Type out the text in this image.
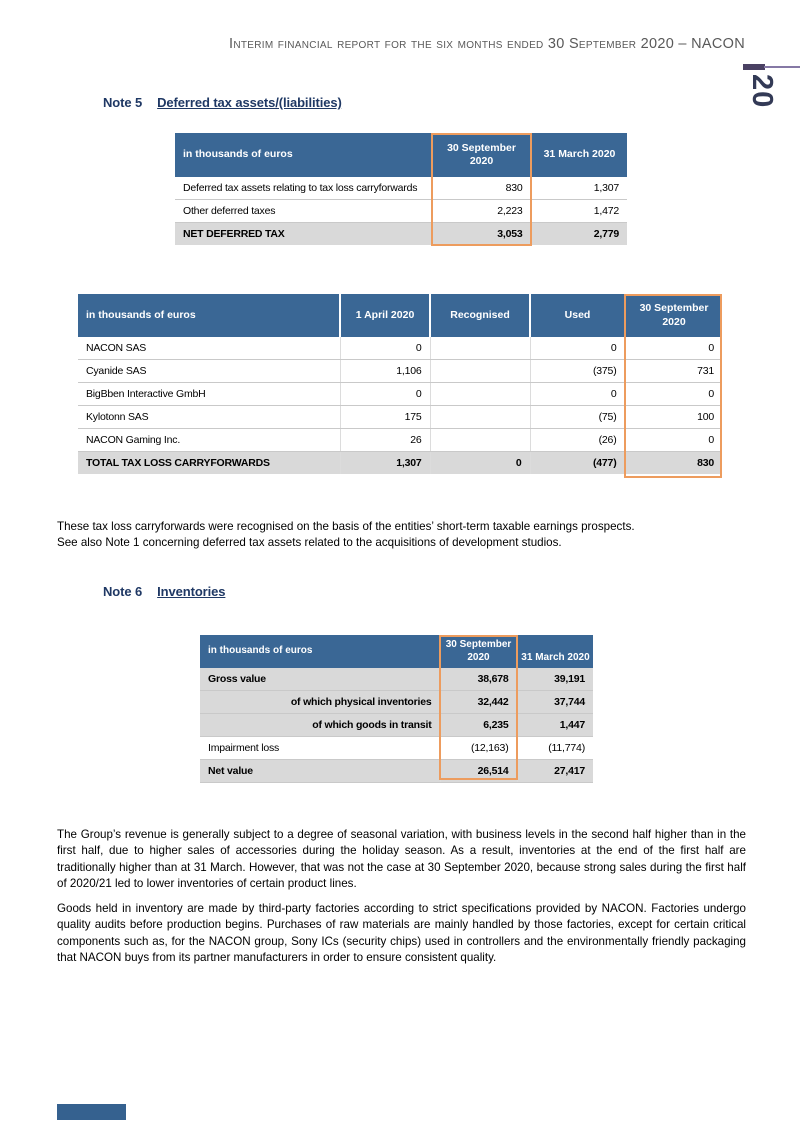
Interim financial report for the six months ended 30 September 2020 – NACON
20
Note 5 Deferred tax assets/(liabilities)
in thousands of euros	30 September 2020	31 March 2020
Deferred tax assets relating to tax loss carryforwards	830	1,307
Other deferred taxes	2,223	1,472
NET DEFERRED TAX	3,053	2,779
in thousands of euros	1 April 2020	Recognised	Used	30 September 2020
NACON SAS	0		0	0
Cyanide SAS	1,106		(375)	731
BigBben Interactive GmbH	0		0	0
Kylotonn SAS	175		(75)	100
NACON Gaming Inc.	26		(26)	0
TOTAL TAX LOSS CARRYFORWARDS	1,307	0	(477)	830
These tax loss carryforwards were recognised on the basis of the entities’ short-term taxable earnings prospects.
See also Note 1 concerning deferred tax assets related to the acquisitions of development studios.
Note 6 Inventories
in thousands of euros	30 September 2020	31 March 2020
Gross value	38,678	39,191
of which physical inventories	32,442	37,744
of which goods in transit	6,235	1,447
Impairment loss	(12,163)	(11,774)
Net value	26,514	27,417
The Group’s revenue is generally subject to a degree of seasonal variation, with business levels in the second half higher than in the first half, due to higher sales of accessories during the holiday season. As a result, inventories at the end of the first half are traditionally higher than at 31 March. However, that was not the case at 30 September 2020, because strong sales during the first half of 2020/21 led to lower inventories of certain product lines.
Goods held in inventory are made by third-party factories according to strict specifications provided by NACON. Factories undergo quality audits before production begins. Purchases of raw materials are mainly handled by those factories, except for certain critical components such as, for the NACON group, Sony ICs (security chips) used in controllers and the environmentally friendly packaging that NACON buys from its partner manufacturers in order to ensure consistent quality.
